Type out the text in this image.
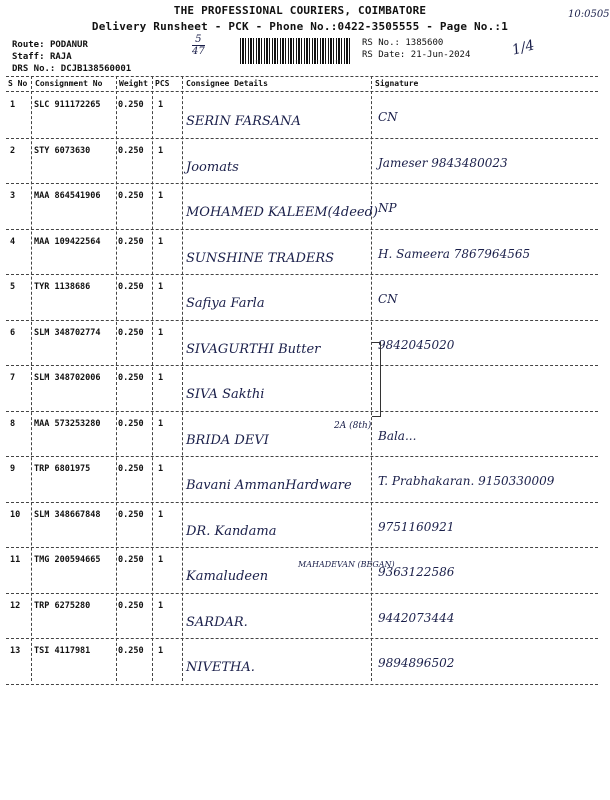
10:0505
THE PROFESSIONAL COURIERS, COIMBATORE
Delivery Runsheet - PCK - Phone No.:0422-3505555 - Page No.:1
Route: PODANUR
Staff: RAJA
DRS No.: DCJB138560001
5
47
RS No.: 1385600
RS Date: 21-Jun-2024	1/4
S No Consignment No Weight PCS Consignee Details	Signature
1 SLC 911172265 0.250 1
SERIN FARSANA	CN
2 STY 6073630	0.250 1
Joomats	Jameser 9843480023
3 MAA 864541906 0.250 1
MOHAMED KALEEM(4deed) NP
4 MAA 109422564 0.250 1
SUNSHINE TRADERS	H. Sameera 7867964565
5 TYR 1138686	0.250 1
Safiya Farla	CN
6 SLM 348702774 0.250 1
SIVAGURTHI Butter	9842045020
7 SLM 348702006 0.250 1
SIVA Sakthi
8 MAA 573253280 0.250 1
BRIDA DEVI	Bala...
9 TRP 6801975	0.250 1
Bavani AmmanHardware T. Prabhakaran. 9150330009
10 SLM 348667848 0.250 1
DR. Kandama	9751160921
11 TMG 200594665 0.250 1
Kamaludeen	9363122586
12 TRP 6275280	0.250 1
SARDAR.	9442073444
13 TSI 4117981	0.250 1
NIVETHA.	9894896502
2A (8th)
MAHADEVAN (BEGAN)
